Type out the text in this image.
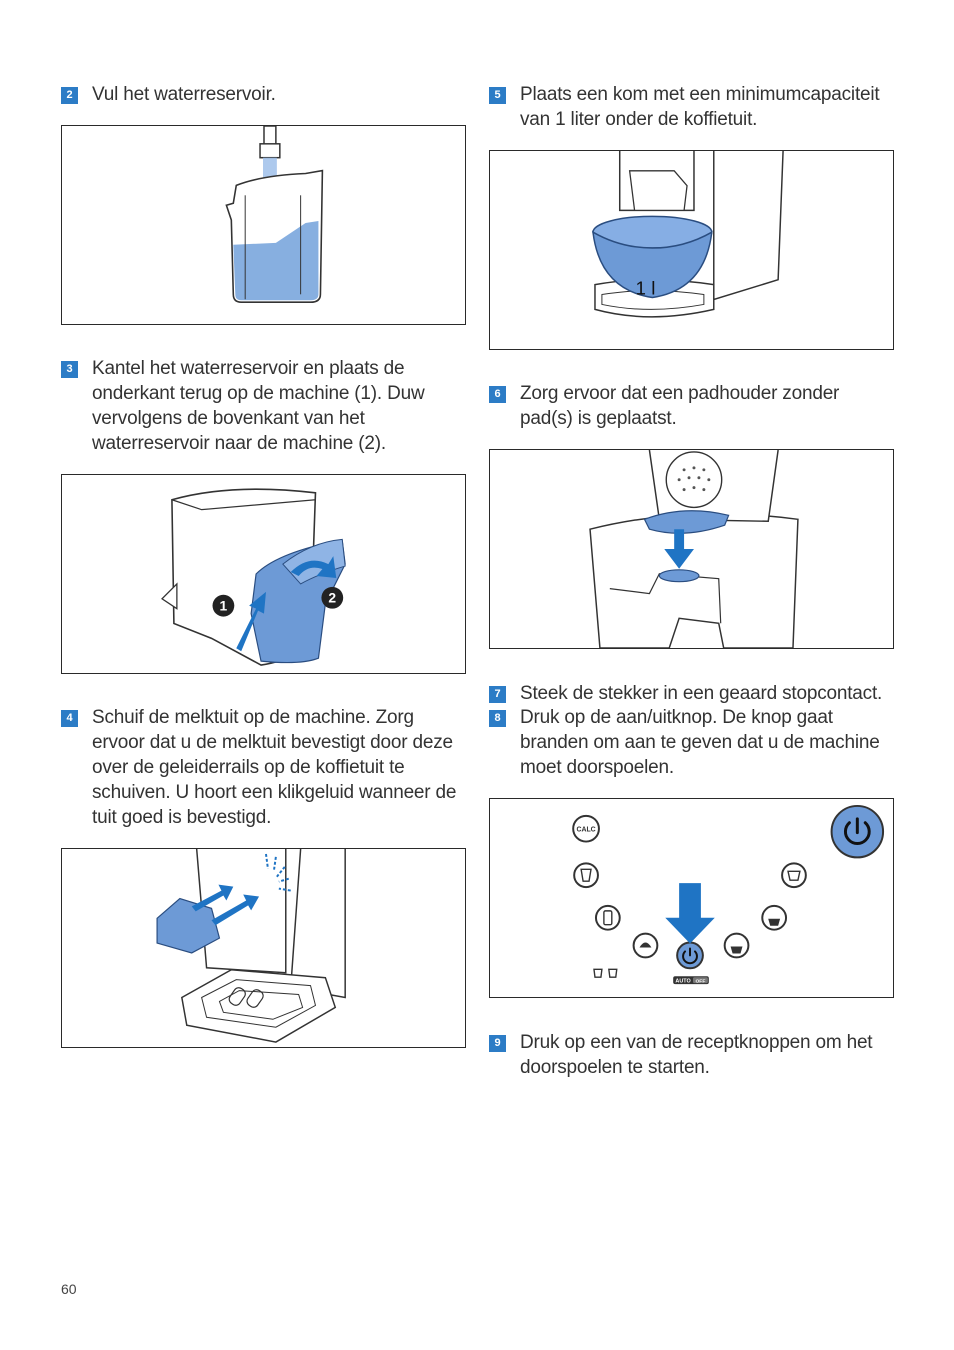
2 Vul het waterreservoir.
3 Kantel het waterreservoir en plaats de onderkant terug op de machine (1). Duw vervolgens de bovenkant van het waterreservoir naar de machine (2).
1	2
4 Schuif de melktuit op de machine. Zorg ervoor dat u de melktuit bevestigt door deze over de geleiderrails op de koffietuit te schuiven. U hoort een klikgeluid wanneer de tuit goed is bevestigd.
5 Plaats een kom met een minimumcapaciteit van 1 liter onder de koffietuit.
1 l
6 Zorg ervoor dat een padhouder zonder pad(s) is geplaatst.
7 Steek de stekker in een geaard stopcontact.
8 Druk op de aan/uitknop. De knop gaat branden om aan te geven dat u de machine moet doorspoelen.
CALC
AUTO OFF
9 Druk op een van de receptknoppen om het doorspoelen te starten.
60
